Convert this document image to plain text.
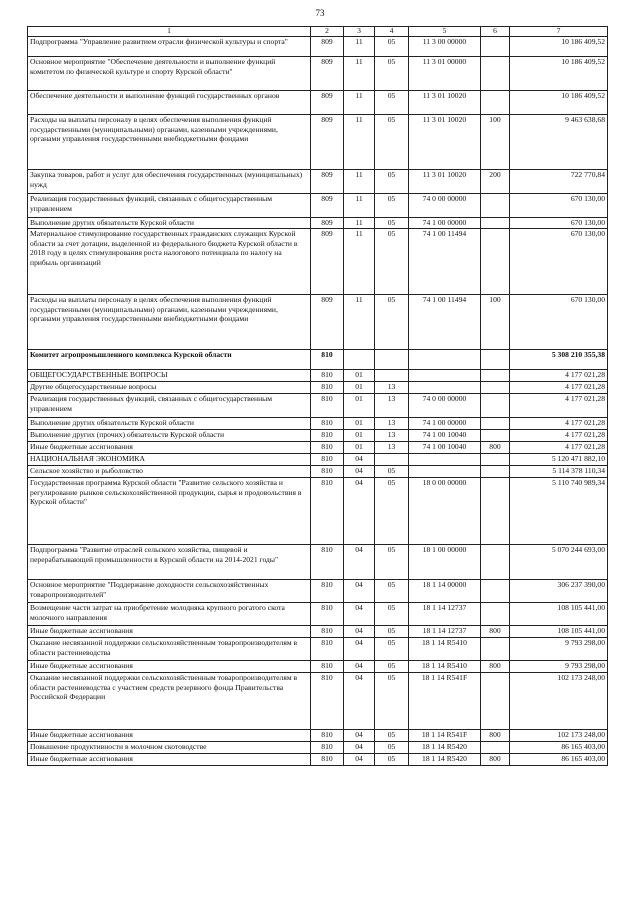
73
1	2	3	4	5	6	7
Подпрограмма "Управление развитием отрасли физической культуры и спорта"	809	11	05	11 3 00 00000		10 186 409,52
Основное мероприятие "Обеспечение деятельности и выполнение функций комитетом по физической культуре и спорту Курской области"	809	11	05	11 3 01 00000		10 186 409,52
Обеспечение деятельности и выполнение функций государственных органов	809	11	05	11 3 01 10020		10 186 409,52
Расходы на выплаты персоналу в целях обеспечения выполнения функций государственными (муниципальными) органами, казенными учреждениями, органами управления государственными внебюджетными фондами	809	11	05	11 3 01 10020	100	9 463 638,68
Закупка товаров, работ и услуг для обеспечения государственных (муниципальных) нужд	809	11	05	11 3 01 10020	200	722 770,84
Реализация государственных функций, связанных с общегосударственным управлением	809	11	05	74 0 00 00000		670 130,00
Выполнение других обязательств Курской области	809	11	05	74 1 00 00000		670 130,00
Материальное стимулирование государственных гражданских служащих Курской области за счет дотации, выделенной из федерального бюджета Курской области в 2018 году в целях стимулирования роста налогового потенциала по налогу на прибыль организаций	809	11	05	74 1 00 11494		670 130,00
Расходы на выплаты персоналу в целях обеспечения выполнения функций государственными (муниципальными) органами, казенными учреждениями, органами управления государственными внебюджетными фондами	809	11	05	74 1 00 11494	100	670 130,00
Комитет агропромышленного комплекса Курской области	810					5 308 210 355,38
ОБЩЕГОСУДАРСТВЕННЫЕ ВОПРОСЫ	810	01				4 177 021,28
Другие общегосударственные вопросы	810	01	13			4 177 021,28
Реализация государственных функций, связанных с общегосударственным управлением	810	01	13	74 0 00 00000		4 177 021,28
Выполнение других обязательств Курской области	810	01	13	74 1 00 00000		4 177 021,28
Выполнение других (прочих) обязательств Курской области	810	01	13	74 1 00 10040		4 177 021,28
Иные бюджетные ассигнования	810	01	13	74 1 00 10040	800	4 177 021,28
НАЦИОНАЛЬНАЯ ЭКОНОМИКА	810	04				5 120 471 882,10
Сельское хозяйство и рыболовство	810	04	05			5 114 378 110,34
Государственная программа Курской области "Развитие сельского хозяйства и регулирование рынков сельскохозяйственной продукции, сырья и продовольствия в Курской области"	810	04	05	18 0 00 00000		5 110 740 989,34
Подпрограмма "Развитие отраслей сельского хозяйства, пищевой и перерабатывающей промышленности в Курской области на 2014-2021 годы"	810	04	05	18 1 00 00000		5 070 244 693,00
Основное мероприятие "Поддержание доходности сельскохозяйственных товаропроизводителей"	810	04	05	18 1 14 00000		306 237 390,00
Возмещение части затрат на приобретение молодняка крупного рогатого скота молочного направления	810	04	05	18 1 14 12737		108 105 441,00
Иные бюджетные ассигнования	810	04	05	18 1 14 12737	800	108 105 441,00
Оказание несвязанной поддержки сельскохозяйственным товаропроизводителям в области растениеводства	810	04	05	18 1 14 R5410		9 793 298,00
Иные бюджетные ассигнования	810	04	05	18 1 14 R5410	800	9 793 298,00
Оказание несвязанной поддержки сельскохозяйственным товаропроизводителям в области растениеводства с участием средств резервного фонда Правительства Российской Федерации	810	04	05	18 1 14 R541F		102 173 248,00
Иные бюджетные ассигнования	810	04	05	18 1 14 R541F	800	102 173 248,00
Повышение продуктивности в молочном скотоводстве	810	04	05	18 1 14 R5420		86 165 403,00
Иные бюджетные ассигнования	810	04	05	18 1 14 R5420	800	86 165 403,00
